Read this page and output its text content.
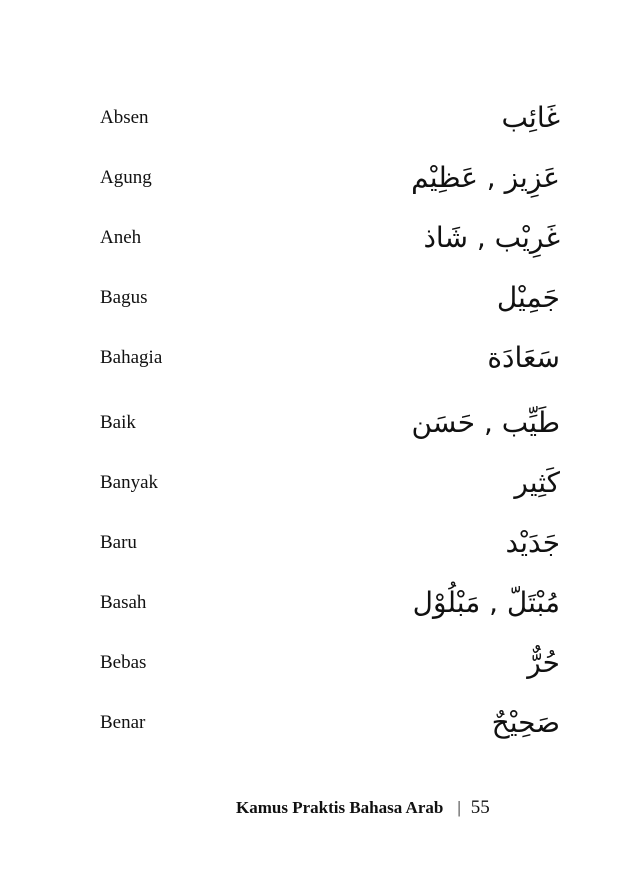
Absen	غَائِب
Agung	عَزِيز , عَظِيْم
Aneh	غَرِيْب , شَاذ
Bagus	جَمِيْل
Bahagia	سَعَادَة
Baik	طَيِّب , حَسَن
Banyak	كَثِير
Baru	جَدَيْد
Basah	مُبْتَلّ , مَبْلُوْل
Bebas	حُرٌّ
Benar	صَحِيْحٌ
Kamus Praktis Bahasa Arab | 55
